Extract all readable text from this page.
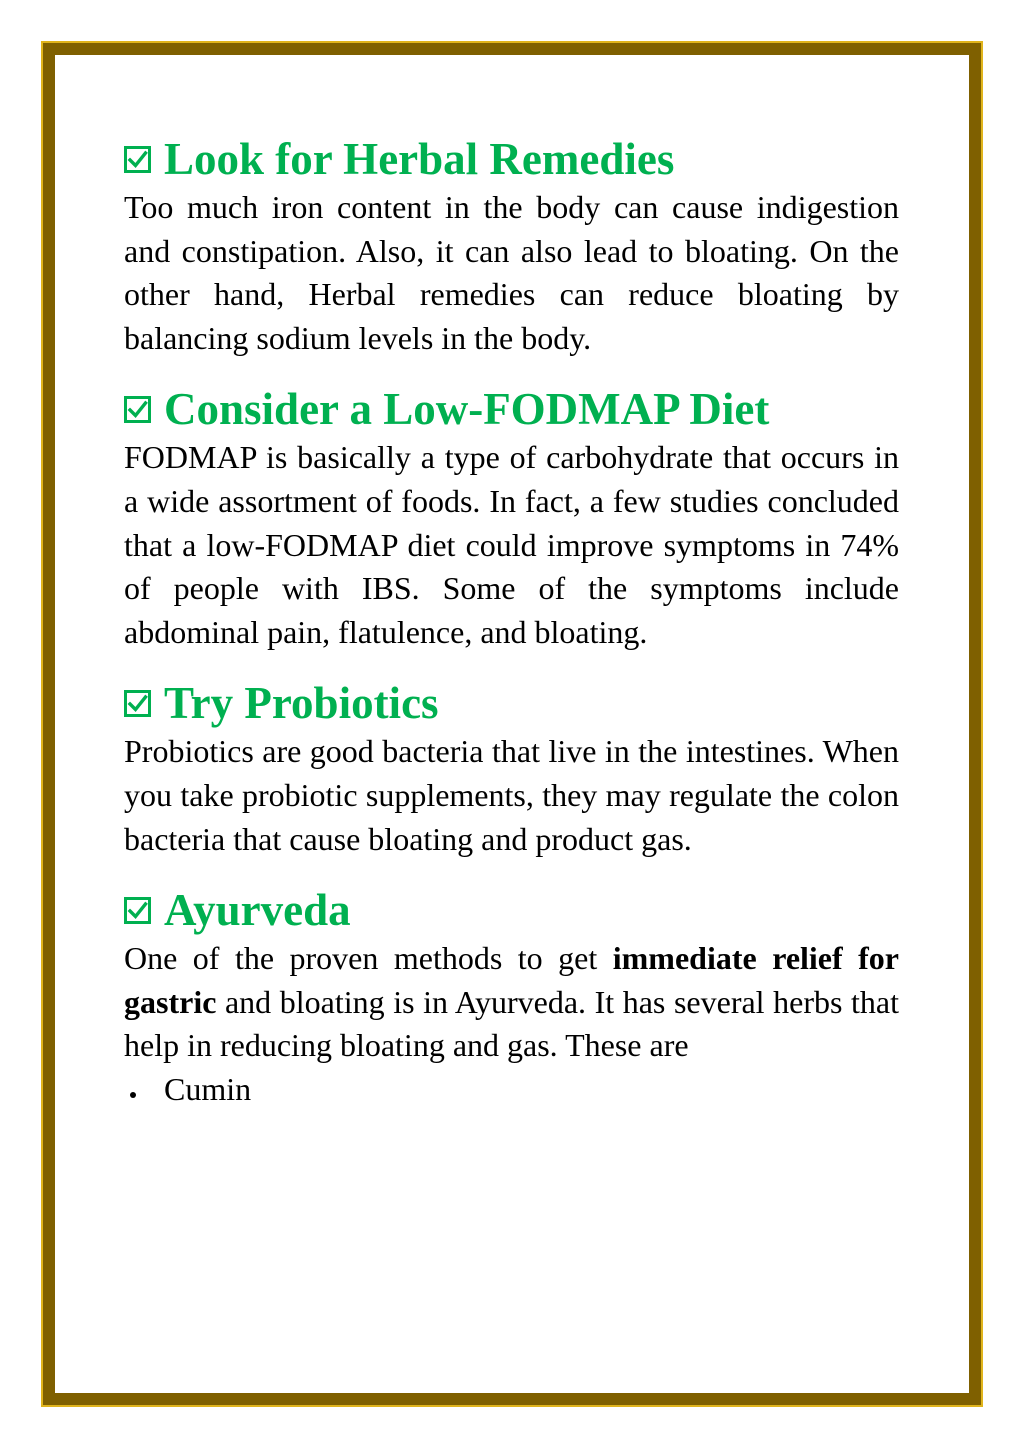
Look for Herbal Remedies

Too much iron content in the body can cause indigestion and constipation. Also, it can also lead to bloating. On the other hand, Herbal remedies can reduce bloating by balancing sodium levels in the body.

Consider a Low-FODMAP Diet

FODMAP is basically a type of carbohydrate that occurs in a wide assortment of foods. In fact, a few studies concluded that a low-FODMAP diet could improve symptoms in 74% of people with IBS. Some of the symptoms include abdominal pain, flatulence, and bloating.

Try Probiotics

Probiotics are good bacteria that live in the intestines. When you take probiotic supplements, they may regulate the colon bacteria that cause bloating and product gas.

Ayurveda

One of the proven methods to get immediate relief for gastric and bloating is in Ayurveda. It has several herbs that help in reducing bloating and gas. These are

Cumin
